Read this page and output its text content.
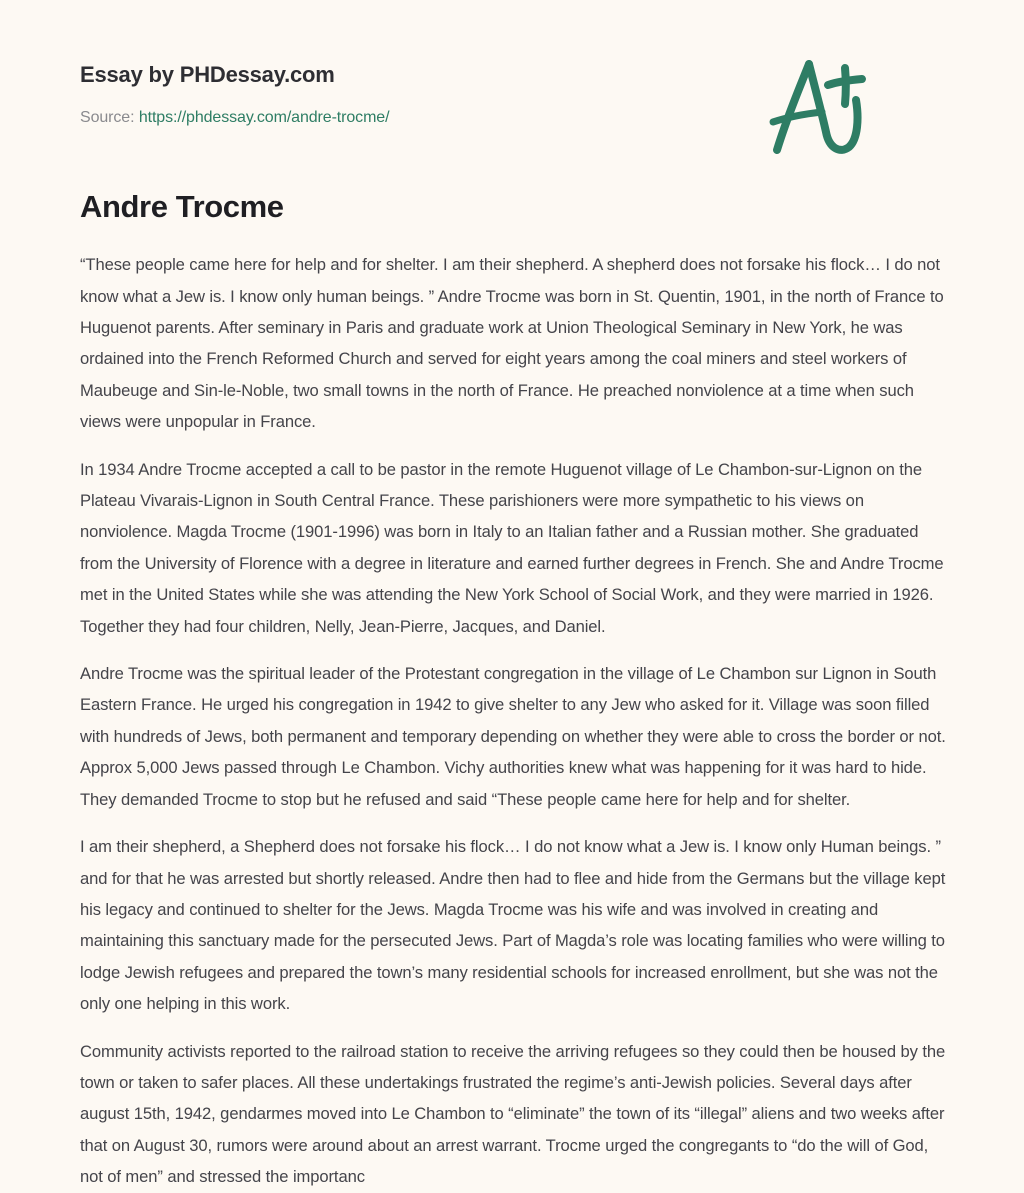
Essay by PHDessay.com
Source: https://phdessay.com/andre-trocme/
Andre Trocme

“These people came here for help and for shelter. I am their shepherd. A shepherd does not forsake his flock… I do not know what a Jew is. I know only human beings. ” Andre Trocme was born in St. Quentin, 1901, in the north of France to Huguenot parents. After seminary in Paris and graduate work at Union Theological Seminary in New York, he was ordained into the French Reformed Church and served for eight years among the coal miners and steel workers of Maubeuge and Sin-le-Noble, two small towns in the north of France. He preached nonviolence at a time when such views were unpopular in France.

In 1934 Andre Trocme accepted a call to be pastor in the remote Huguenot village of Le Chambon-sur-Lignon on the Plateau Vivarais-Lignon in South Central France. These parishioners were more sympathetic to his views on nonviolence. Magda Trocme (1901-1996) was born in Italy to an Italian father and a Russian mother. She graduated from the University of Florence with a degree in literature and earned further degrees in French. She and Andre Trocme met in the United States while she was attending the New York School of Social Work, and they were married in 1926. Together they had four children, Nelly, Jean-Pierre, Jacques, and Daniel.

Andre Trocme was the spiritual leader of the Protestant congregation in the village of Le Chambon sur Lignon in South Eastern France. He urged his congregation in 1942 to give shelter to any Jew who asked for it. Village was soon filled with hundreds of Jews, both permanent and temporary depending on whether they were able to cross the border or not. Approx 5,000 Jews passed through Le Chambon. Vichy authorities knew what was happening for it was hard to hide. They demanded Trocme to stop but he refused and said “These people came here for help and for shelter.

I am their shepherd, a Shepherd does not forsake his flock… I do not know what a Jew is. I know only Human beings. ” and for that he was arrested but shortly released. Andre then had to flee and hide from the Germans but the village kept his legacy and continued to shelter for the Jews. Magda Trocme was his wife and was involved in creating and maintaining this sanctuary made for the persecuted Jews. Part of Magda’s role was locating families who were willing to lodge Jewish refugees and prepared the town’s many residential schools for increased enrollment, but she was not the only one helping in this work.

Community activists reported to the railroad station to receive the arriving refugees so they could then be housed by the town or taken to safer places. All these undertakings frustrated the regime’s anti-Jewish policies. Several days after august 15th, 1942, gendarmes moved into Le Chambon to “eliminate” the town of its “illegal” aliens and two weeks after that on August 30, rumors were around about an arrest warrant. Trocme urged the congregants to “do the will of God, not of men” and stressed the importanc
